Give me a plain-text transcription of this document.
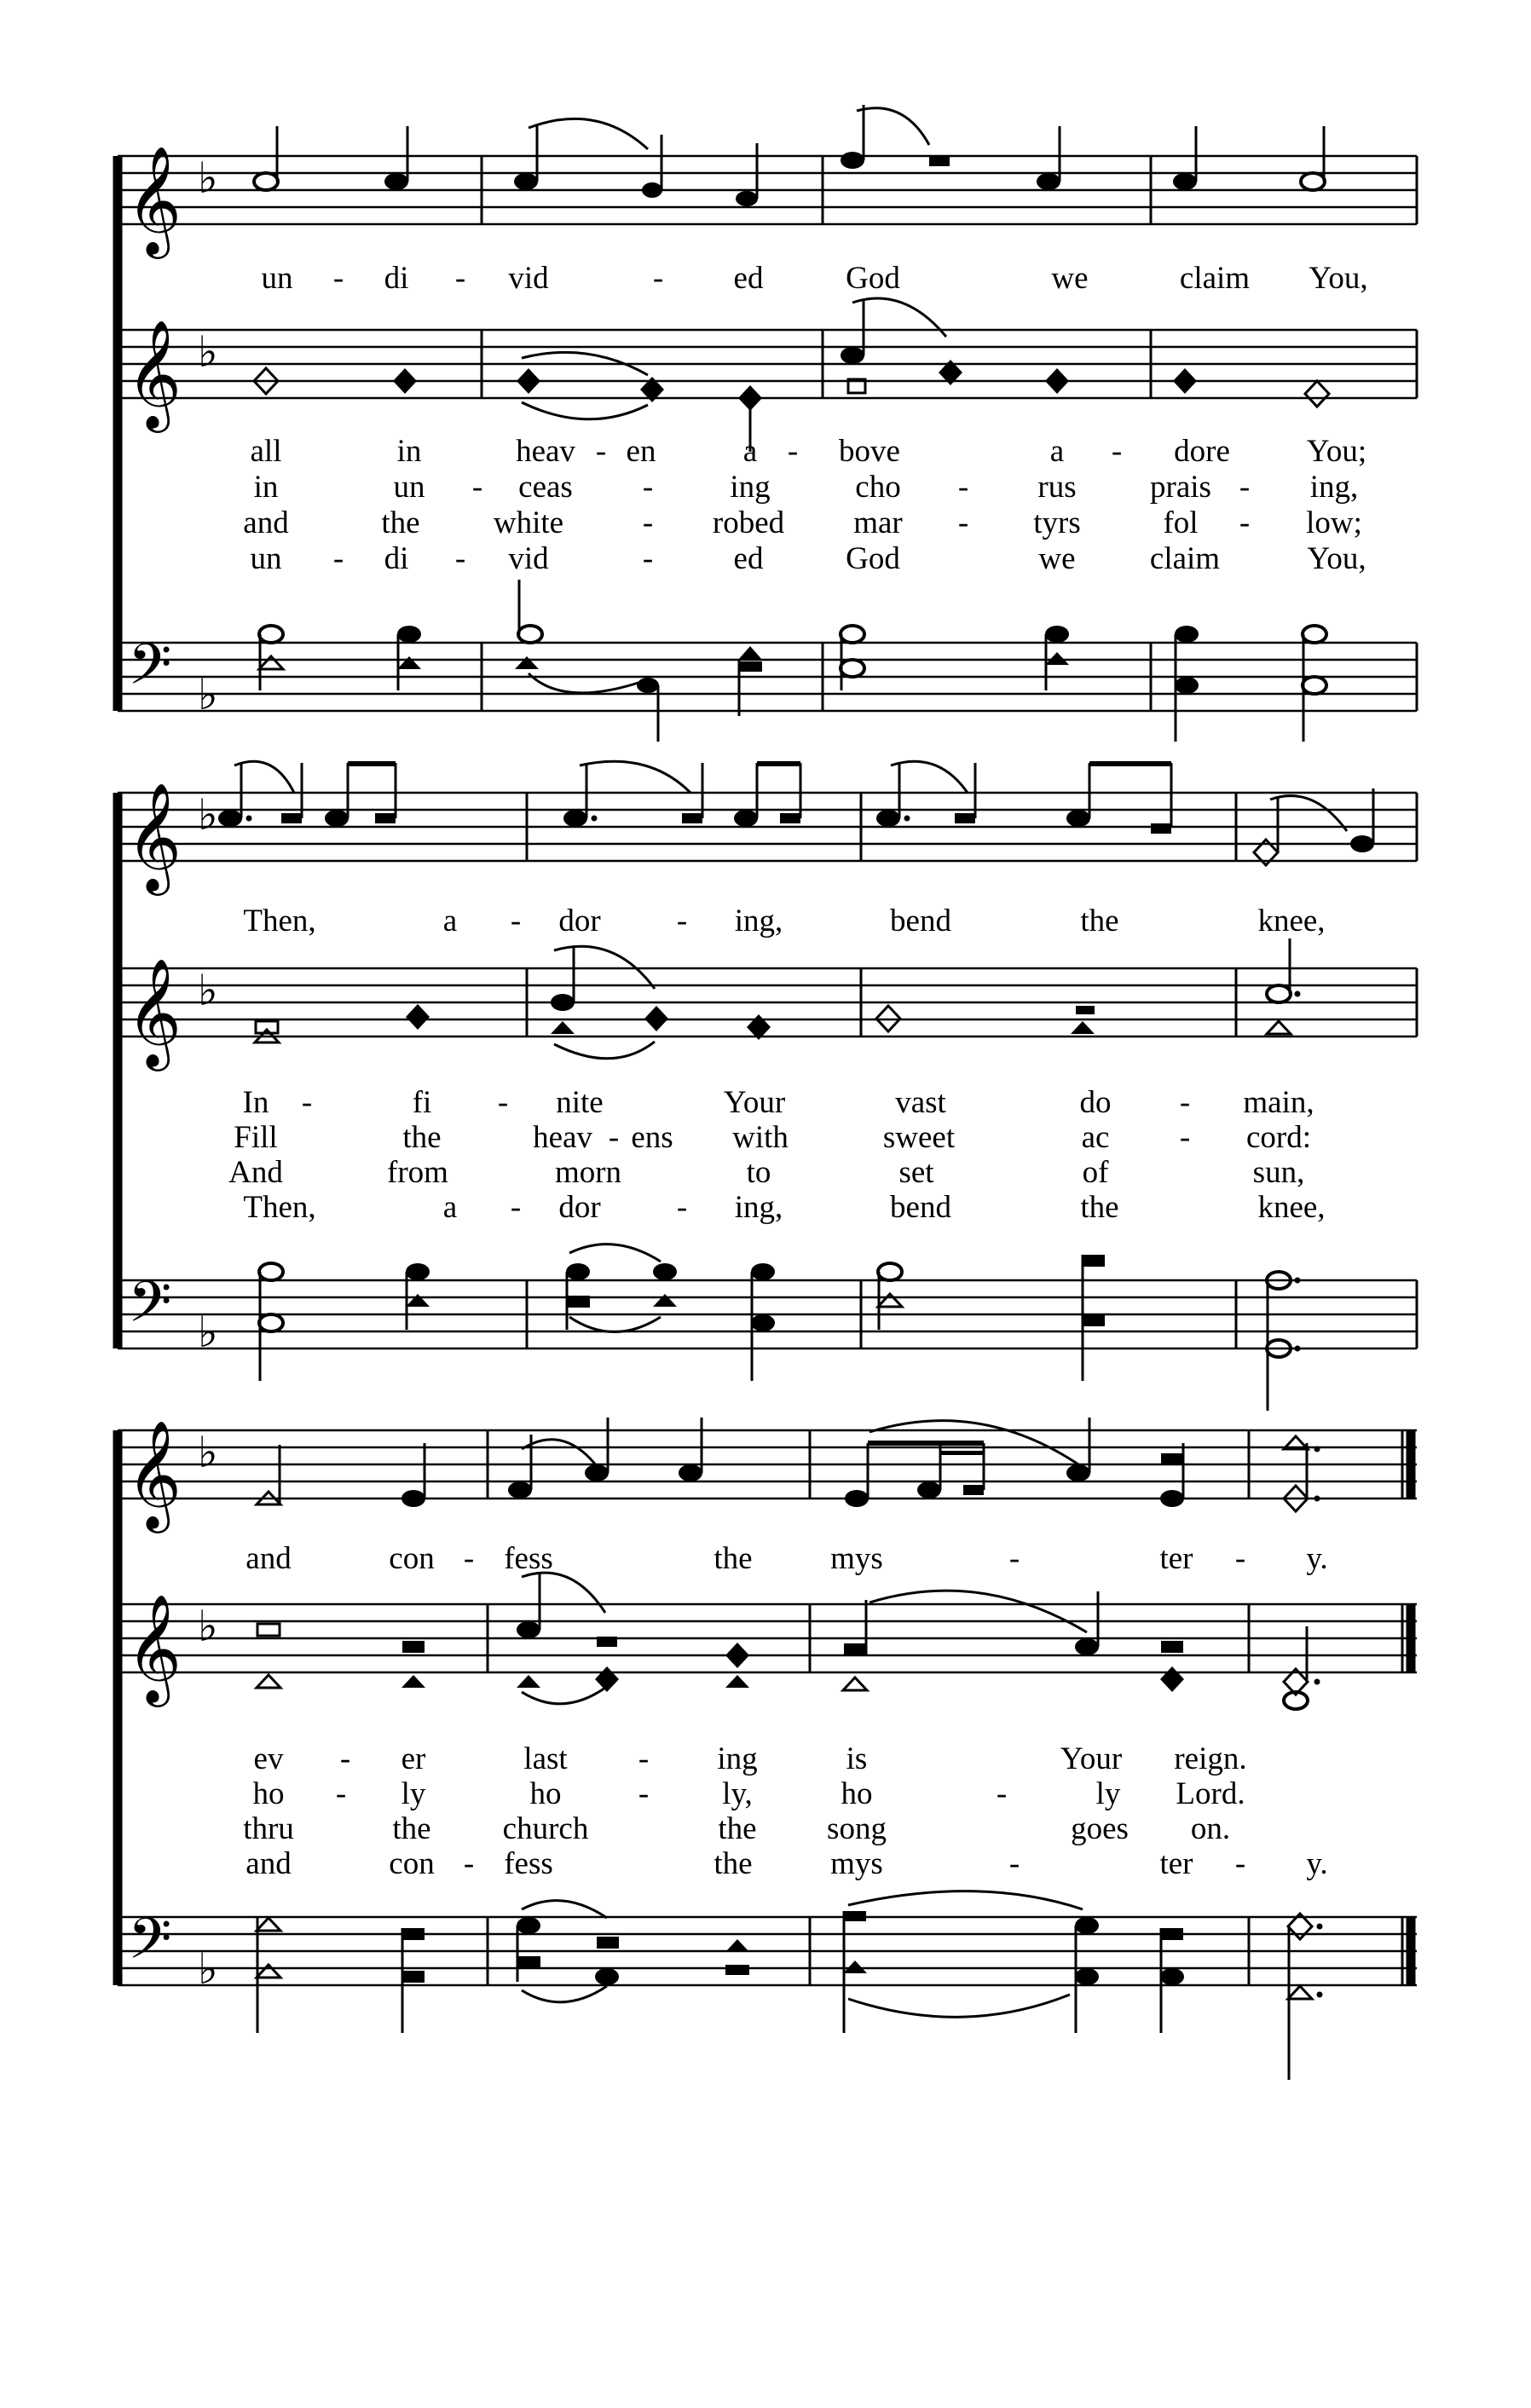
𝄞 ♭
un - di - vid	- ed	God	we	claim You,
𝄞 ♭
all	in	heav - en	a - bove	a - dore You;
in	un - ceas - ing	cho - rus prais - ing,
and	the white	- robed mar - tyrs	fol - low;
un - di - vid	-	ed	God	we claim	You,
𝄢 ♭
𝄞 ♭
Then,	a - dor - ing,	bend	the	knee,
𝄞 ♭
In -	fi - nite	Your	vast	do - main,
Fill	the	heav - ens with	sweet	ac - cord:
And	from	morn	to	set	of	sun,
Then,	a - dor - ing,	bend	the	knee,
𝄢 ♭
𝄞 ♭
and	con - fess	the mys	-	ter - y.
𝄞 ♭
ev - er	last - ing	is	Your reign.
ho - ly	ho - ly,	ho	-	ly Lord.
thru	the church	the song	goes on.
and	con - fess	the mys	-	ter - y.
𝄢 ♭
